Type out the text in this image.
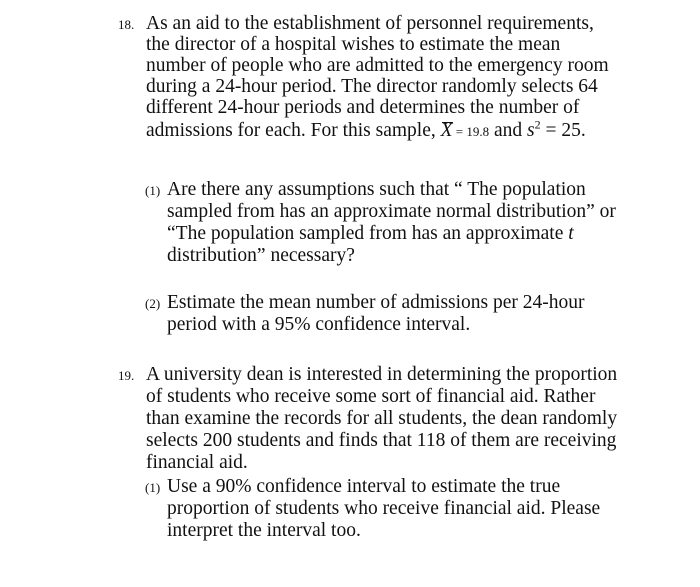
18. As an aid to the establishment of personnel requirements,
the director of a hospital wishes to estimate the mean
number of people who are admitted to the emergency room
during a 24-hour period. The director randomly selects 64
different 24-hour periods and determines the number of
admissions for each. For this sample, X = 19.8 and $s^2 = 25$.
(1) Are there any assumptions such that “ The population
sampled from has an approximate normal distribution” or
“The population sampled from has an approximate t
distribution” necessary?
(2) Estimate the mean number of admissions per 24-hour
period with a 95% confidence interval.
19. A university dean is interested in determining the proportion
of students who receive some sort of financial aid. Rather
than examine the records for all students, the dean randomly
selects 200 students and finds that 118 of them are receiving
financial aid.
(1) Use a 90% confidence interval to estimate the true
proportion of students who receive financial aid. Please
interpret the interval too.
